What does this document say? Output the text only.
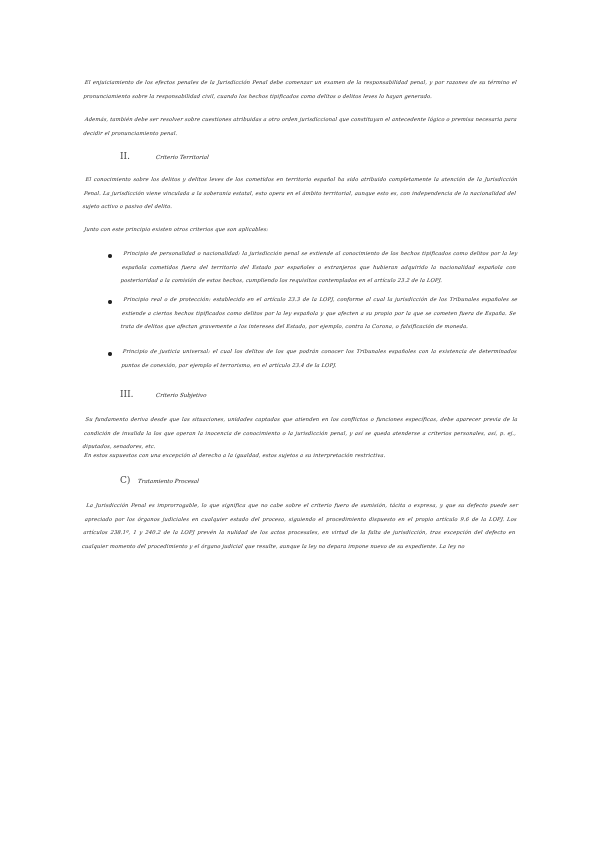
El enjuiciamiento de los efectos penales de la Jurisdicción Penal debe comenzar un examen de la responsabilidad penal, y por razones de su término el pronunciamiento sobre la responsabilidad civil, cuando los hechos tipificados como delitos o delitos leves lo hayan generado.

Además, también debe ser resolver sobre cuestiones atribuidas a otro orden jurisdiccional que constituyan el antecedente lógico o premisa necesaria para decidir el pronunciamiento penal.

II.	Criterio Territorial

El conocimiento sobre los delitos y delitos leves de los cometidos en territorio español ha sido atribuido completamente la atención de la Jurisdicción Penal. La jurisdicción viene vinculada a la soberanía estatal, esto opera en el ámbito territorial, aunque esto es, con independencia de la nacionalidad del sujeto activo o pasivo del delito.

Junto con este principio existen otros criterios que son aplicables:

Principio de personalidad o nacionalidad: la jurisdicción penal se extiende al conocimiento de los hechos tipificados como delitos por la ley española cometidos fuera del territorio del Estado por españoles o extranjeros que hubieran adquirido la nacionalidad española con posterioridad a la comisión de estos hechos, cumpliendo los requisitos contemplados en el artículo 23.2 de la LOPJ.

Principio real o de protección: establecido en el artículo 23.3 de la LOPJ, conforme al cual la jurisdicción de los Tribunales españoles se extiende a ciertos hechos tipificados como delitos por la ley española y que afecten a su propio por la que se cometen fuera de España. Se trata de delitos que afectan gravemente a los intereses del Estado, por ejemplo, contra la Corona, o falsificación de moneda.

Principio de justicia universal: el cual los delitos de los que podrán conocer los Tribunales españoles con la existencia de determinados puntos de conexión, por ejemplo el terrorismo, en el artículo 23.4 de la LOPJ.

III.	Criterio Subjetivo

Su fundamento deriva desde que las situaciones, unidades captadas que atienden en los conflictos o funciones específicas, debe aparecer previa de la condición de invalida la los que operan la inocencia de conocimiento o la jurisdicción penal, y así se queda atenderse a criterios personales, así, p. ej., diputados, senadores, etc.

En estos supuestos con una excepción al derecho a la igualdad, estos sujetos a su interpretación restrictiva.

C) Tratamiento Procesal

La Jurisdicción Penal es improrrogable, lo que significa que no cabe sobre el criterio fuero de sumisión, tácita o expresa, y que su defecto puede ser apreciado por los órganos judiciales en cualquier estado del proceso, siguiendo el procedimiento dispuesto en el propio artículo 9.6 de la LOPJ. Los artículos 238.1º, 1 y 240.2 de la LOPJ prevén la nulidad de los actos procesales, en virtud de la falta de jurisdicción, tras excepción del defecto en cualquier momento del procedimiento y el órgano judicial que resulte, aunque la ley no depara impone nuevo de su expediente. La ley no
